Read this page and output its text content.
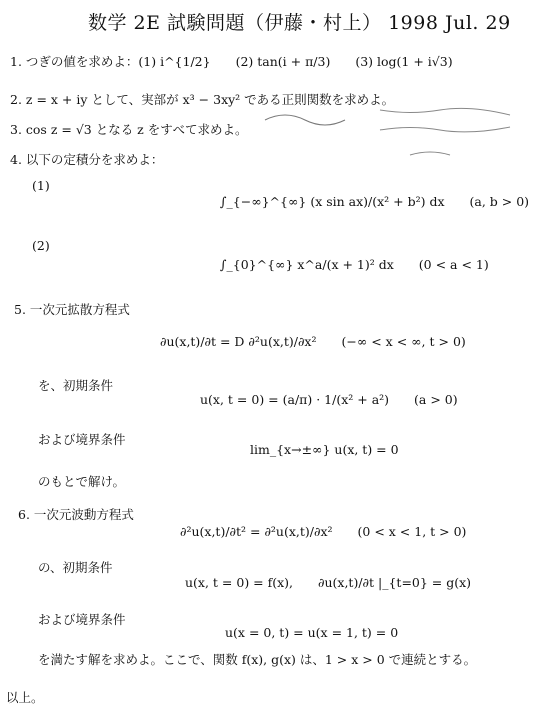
数学 2E 試験問題（伊藤・村上） 1998 Jul. 29
1. つぎの値を求めよ：(1) i^{1/2}　　(2) tan(i + π/3)　　(3) log(1 + i√3)
2. z = x + iy として、実部が x³ − 3xy² である正則関数を求めよ。
3. cos z = √3 となる z をすべて求めよ。
4. 以下の定積分を求めよ：
(1)
∫_{−∞}^{∞} (x sin ax)/(x² + b²) dx　　(a, b > 0)
(2)
∫_{0}^{∞} x^a/(x + 1)² dx　　(0 < a < 1)
5. 一次元拡散方程式
∂u(x,t)/∂t = D ∂²u(x,t)/∂x²　　(−∞ < x < ∞, t > 0)
を、初期条件
u(x, t = 0) = (a/π) · 1/(x² + a²)　　(a > 0)
および境界条件
lim_{x→±∞} u(x, t) = 0
のもとで解け。
6. 一次元波動方程式
∂²u(x,t)/∂t² = ∂²u(x,t)/∂x²　　(0 < x < 1, t > 0)
の、初期条件
u(x, t = 0) = f(x),　　∂u(x,t)/∂t |_{t=0} = g(x)
および境界条件
u(x = 0, t) = u(x = 1, t) = 0
を満たす解を求めよ。ここで、関数 f(x), g(x) は、1 > x > 0 で連続とする。
以上。
